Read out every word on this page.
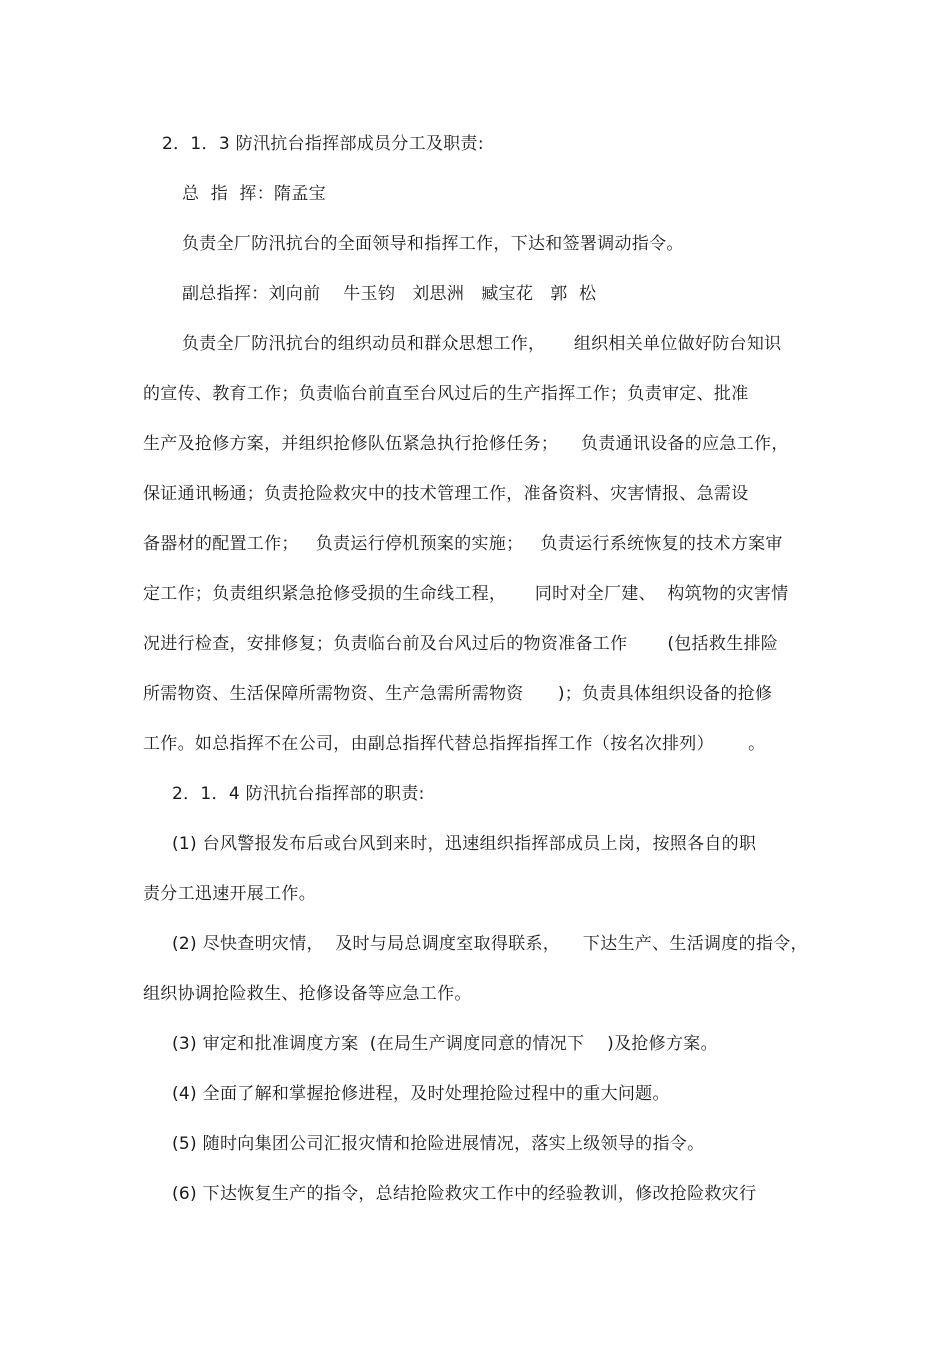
2．1．3 防汛抗台指挥部成员分工及职责:

总  指  挥：隋孟宝

负责全厂防汛抗台的全面领导和指挥工作，下达和签署调动指令。

副总指挥：刘向前    牛玉钧   刘思洲   臧宝花   郭  松

负责全厂防汛抗台的组织动员和群众思想工作，     组织相关单位做好防台知识

的宣传、教育工作；负责临台前直至台风过后的生产指挥工作；负责审定、批准

生产及抢修方案，并组织抢修队伍紧急执行抢修任务；    负责通讯设备的应急工作，

保证通讯畅通；负责抢险救灾中的技术管理工作，准备资料、灾害情报、急需设

备器材的配置工作；   负责运行停机预案的实施；   负责运行系统恢复的技术方案审

定工作；负责组织紧急抢修受损的生命线工程，     同时对全厂建、  构筑物的灾害情

况进行检查，安排修复；负责临台前及台风过后的物资准备工作       (包括救生排险

所需物资、生活保障所需物资、生产急需所需物资      )；负责具体组织设备的抢修

工作。如总指挥不在公司，由副总指挥代替总指挥指挥工作（按名次排列）      。

2．1．4 防汛抗台指挥部的职责:

(1) 台风警报发布后或台风到来时，迅速组织指挥部成员上岗，按照各自的职

责分工迅速开展工作。

(2) 尽快查明灾情，  及时与局总调度室取得联系，    下达生产、生活调度的指令，

组织协调抢险救生、抢修设备等应急工作。

(3) 审定和批准调度方案  (在局生产调度同意的情况下    )及抢修方案。

(4) 全面了解和掌握抢修进程，及时处理抢险过程中的重大问题。

(5) 随时向集团公司汇报灾情和抢险进展情况，落实上级领导的指令。

(6) 下达恢复生产的指令，总结抢险救灾工作中的经验教训，修改抢险救灾行
